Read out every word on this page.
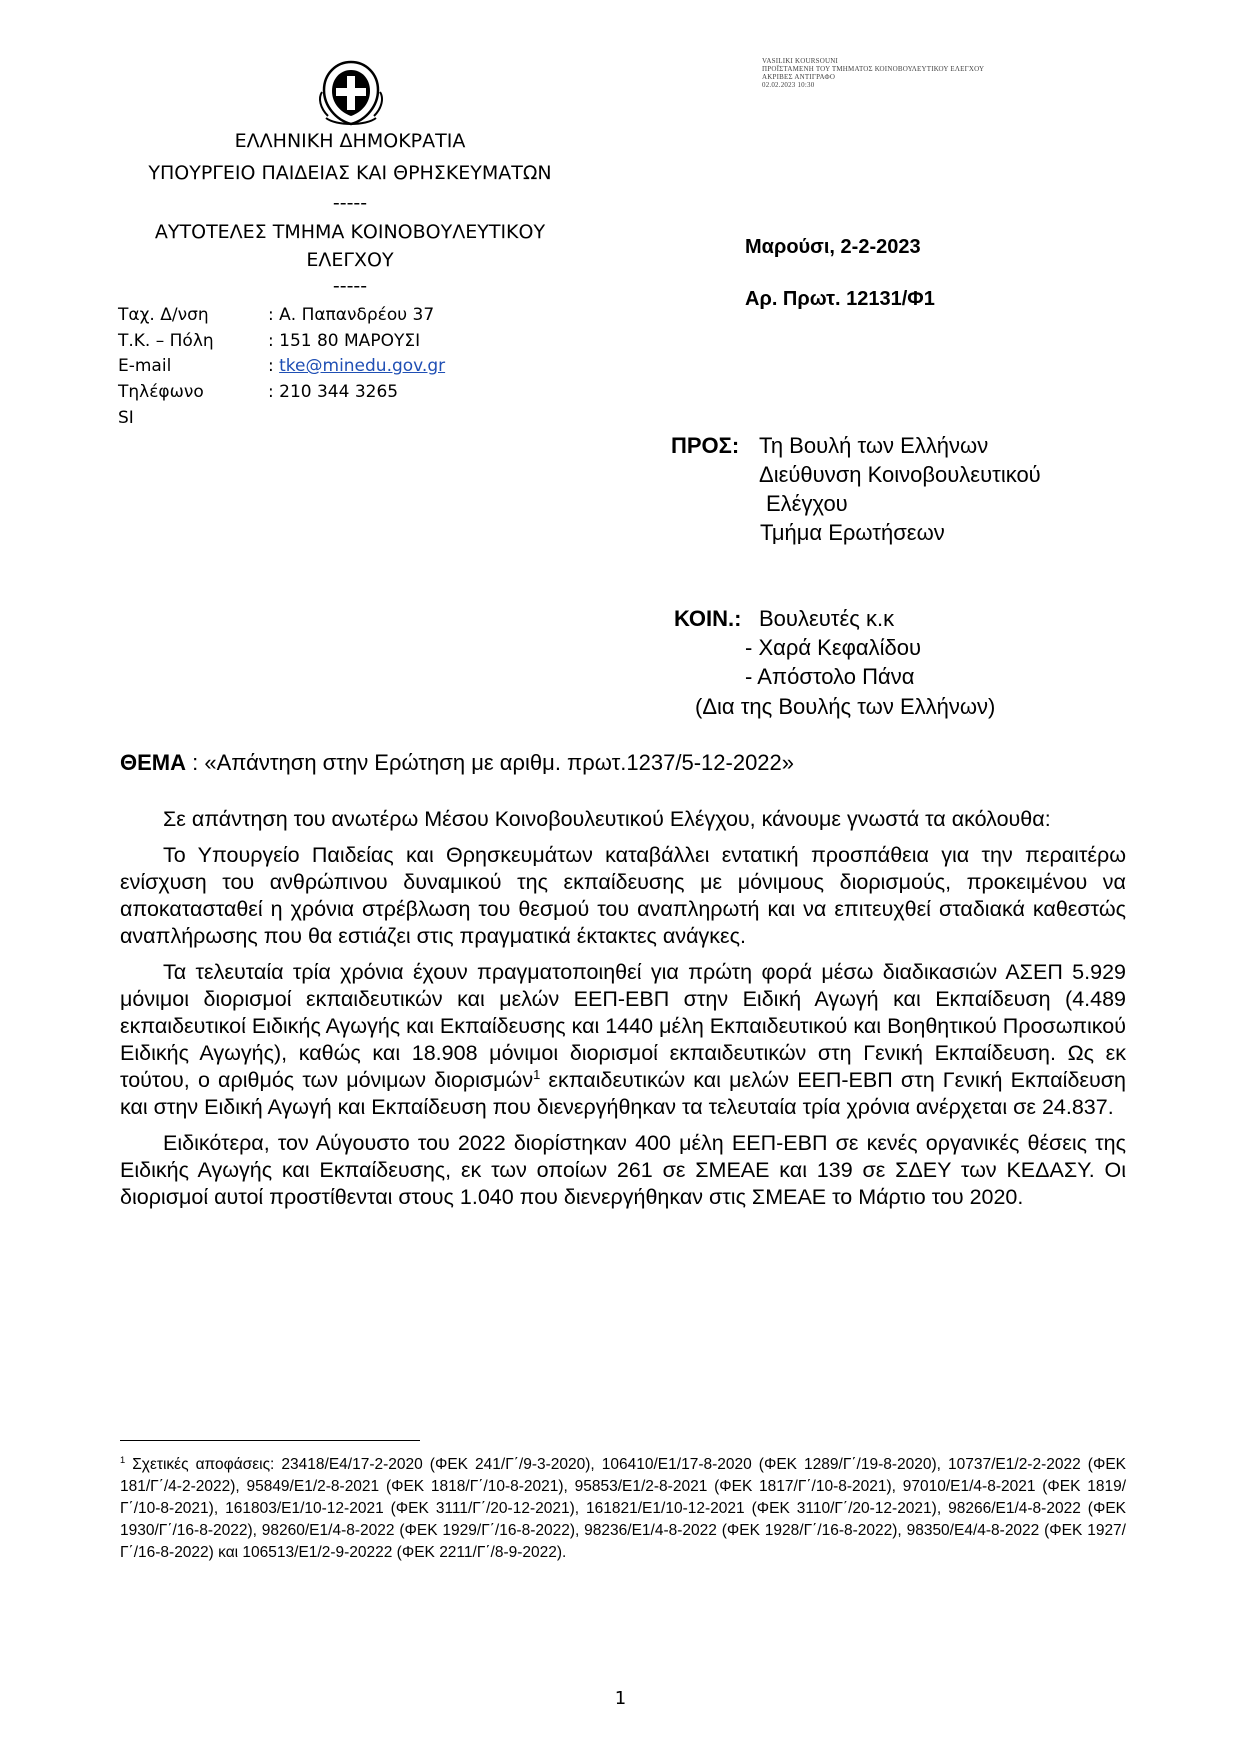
ΕΛΛΗΝΙΚΗ ΔΗΜΟΚΡΑΤΙΑ
ΥΠΟΥΡΓΕΙΟ ΠΑΙΔΕΙΑΣ ΚΑΙ ΘΡΗΣΚΕΥΜΑΤΩΝ
-----
ΑΥΤΟΤΕΛΕΣ ΤΜΗΜΑ ΚΟΙΝΟΒΟΥΛΕΥΤΙΚΟΥ
ΕΛΕΓΧΟΥ
-----
Ταχ. Δ/νση	: Α. Παπανδρέου 37
Τ.Κ. – Πόλη	: 151 80 ΜΑΡΟΥΣΙ
E-mail	: tke@minedu.gov.gr
Τηλέφωνο	: 210 344 3265
SI
VASILIKI KOURSOUNI
ΠΡΟΪΣΤΑΜΕΝΗ ΤΟΥ ΤΜΗΜΑΤΟΣ ΚΟΙΝΟΒΟΥΛΕΥΤΙΚΟΥ ΕΛΕΓΧΟΥ
ΑΚΡΙΒΕΣ ΑΝΤΙΓΡΑΦΟ
02.02.2023 10:30
Μαρούσι, 2-2-2023
Αρ. Πρωτ. 12131/Φ1
ΠΡΟΣ: Τη Βουλή των Ελλήνων
Διεύθυνση Κοινοβουλευτικού
Ελέγχου
Τμήμα Ερωτήσεων
ΚΟΙΝ.: Βουλευτές κ.κ
- Χαρά Κεφαλίδου
- Απόστολο Πάνα
(Δια της Βουλής των Ελλήνων)
ΘΕΜΑ : «Απάντηση στην Ερώτηση με αριθμ. πρωτ.1237/5-12-2022»

Σε απάντηση του ανωτέρω Μέσου Κοινοβουλευτικού Ελέγχου, κάνουμε γνωστά τα ακόλουθα:

Το Υπουργείο Παιδείας και Θρησκευμάτων καταβάλλει εντατική προσπάθεια για την περαιτέρω ενίσχυση του ανθρώπινου δυναμικού της εκπαίδευσης με μόνιμους διορισμούς, προκειμένου να αποκατασταθεί η χρόνια στρέβλωση του θεσμού του αναπληρωτή και να επιτευχθεί σταδιακά καθεστώς αναπλήρωσης που θα εστιάζει στις πραγματικά έκτακτες ανάγκες.

Τα τελευταία τρία χρόνια έχουν πραγματοποιηθεί για πρώτη φορά μέσω διαδικασιών ΑΣΕΠ 5.929 μόνιμοι διορισμοί εκπαιδευτικών και μελών ΕΕΠ-ΕΒΠ στην Ειδική Αγωγή και Εκπαίδευση (4.489 εκπαιδευτικοί Ειδικής Αγωγής και Εκπαίδευσης και 1440 μέλη Εκπαιδευτικού και Βοηθητικού Προσωπικού Ειδικής Αγωγής), καθώς και 18.908 μόνιμοι διορισμοί εκπαιδευτικών στη Γενική Εκπαίδευση. Ως εκ τούτου, ο αριθμός των μόνιμων διορισμών$^1$ εκπαιδευτικών και μελών ΕΕΠ-ΕΒΠ στη Γενική Εκπαίδευση και στην Ειδική Αγωγή και Εκπαίδευση που διενεργήθηκαν τα τελευταία τρία χρόνια ανέρχεται σε 24.837.

Ειδικότερα, τον Αύγουστο του 2022 διορίστηκαν 400 μέλη ΕΕΠ-ΕΒΠ σε κενές οργανικές θέσεις της Ειδικής Αγωγής και Εκπαίδευσης, εκ των οποίων 261 σε ΣΜΕΑΕ και 139 σε ΣΔΕΥ των ΚΕΔΑΣΥ. Οι διορισμοί αυτοί προστίθενται στους 1.040 που διενεργήθηκαν στις ΣΜΕΑΕ το Μάρτιο του 2020.

$^1$ Σχετικές αποφάσεις: 23418/Ε4/17-2-2020 (ΦΕΚ 241/Γ΄/9-3-2020), 106410/Ε1/17-8-2020 (ΦΕΚ 1289/Γ΄/19-8-2020), 10737/Ε1/2-2-2022 (ΦΕΚ 181/Γ΄/4-2-2022), 95849/Ε1/2-8-2021 (ΦΕΚ 1818/Γ΄/10-8-2021), 95853/Ε1/2-8-2021 (ΦΕΚ 1817/Γ΄/10-8-2021), 97010/Ε1/4-8-2021 (ΦΕΚ 1819/Γ΄/10-8-2021), 161803/Ε1/10-12-2021 (ΦΕΚ 3111/Γ΄/20-12-2021), 161821/Ε1/10-12-2021 (ΦΕΚ 3110/Γ΄/20-12-2021), 98266/Ε1/4-8-2022 (ΦΕΚ 1930/Γ΄/16-8-2022), 98260/Ε1/4-8-2022 (ΦΕΚ 1929/Γ΄/16-8-2022), 98236/Ε1/4-8-2022 (ΦΕΚ 1928/Γ΄/16-8-2022), 98350/Ε4/4-8-2022 (ΦΕΚ 1927/Γ΄/16-8-2022) και 106513/Ε1/2-9-20222 (ΦΕΚ 2211/Γ΄/8-9-2022).
1
